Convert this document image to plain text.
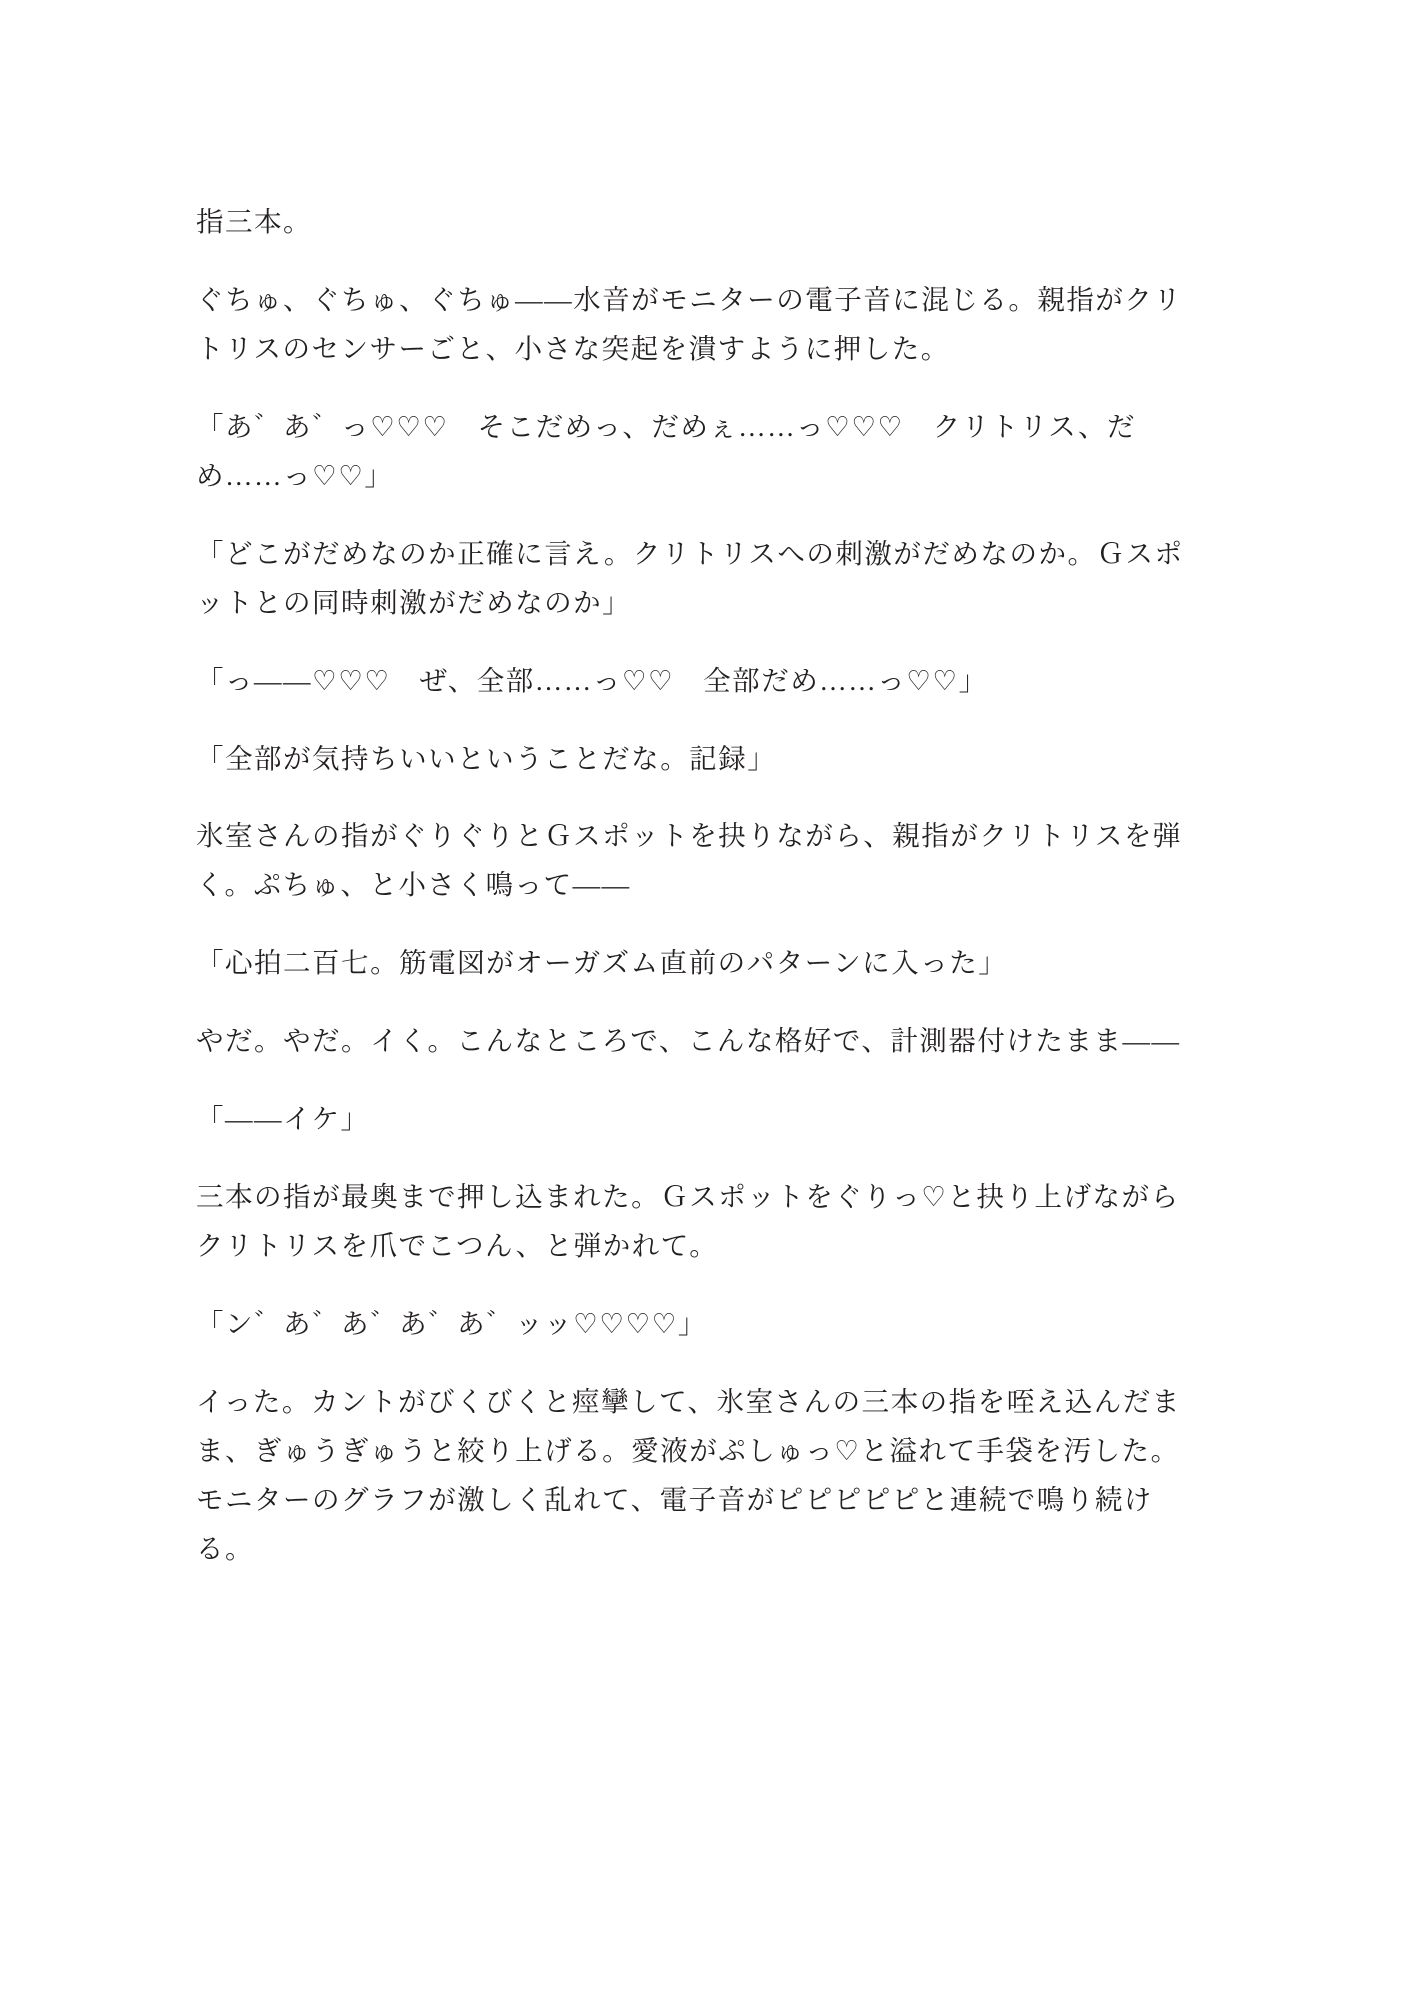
指三本。

ぐちゅ、ぐちゅ、ぐちゅ——水音がモニターの電子音に混じる。親指がクリトリスのセンサーごと、小さな突起を潰すように押した。

「あ゛あ゛っ♡♡♡　そこだめっ、だめぇ……っ♡♡♡　クリトリス、だめ……っ♡♡」

「どこがだめなのか正確に言え。クリトリスへの刺激がだめなのか。Ｇスポットとの同時刺激がだめなのか」

「っ——♡♡♡　ぜ、全部……っ♡♡　全部だめ……っ♡♡」

「全部が気持ちいいということだな。記録」

氷室さんの指がぐりぐりとＧスポットを抉りながら、親指がクリトリスを弾く。ぷちゅ、と小さく鳴って——

「心拍二百七。筋電図がオーガズム直前のパターンに入った」

やだ。やだ。イく。こんなところで、こんな格好で、計測器付けたまま——

「——イケ」

三本の指が最奥まで押し込まれた。Ｇスポットをぐりっ♡と抉り上げながらクリトリスを爪でこつん、と弾かれて。

「ン゛あ゛あ゛あ゛あ゛ッッ♡♡♡♡」

イった。カントがびくびくと痙攣して、氷室さんの三本の指を咥え込んだまま、ぎゅうぎゅうと絞り上げる。愛液がぷしゅっ♡と溢れて手袋を汚した。モニターのグラフが激しく乱れて、電子音がピピピピピと連続で鳴り続ける。
